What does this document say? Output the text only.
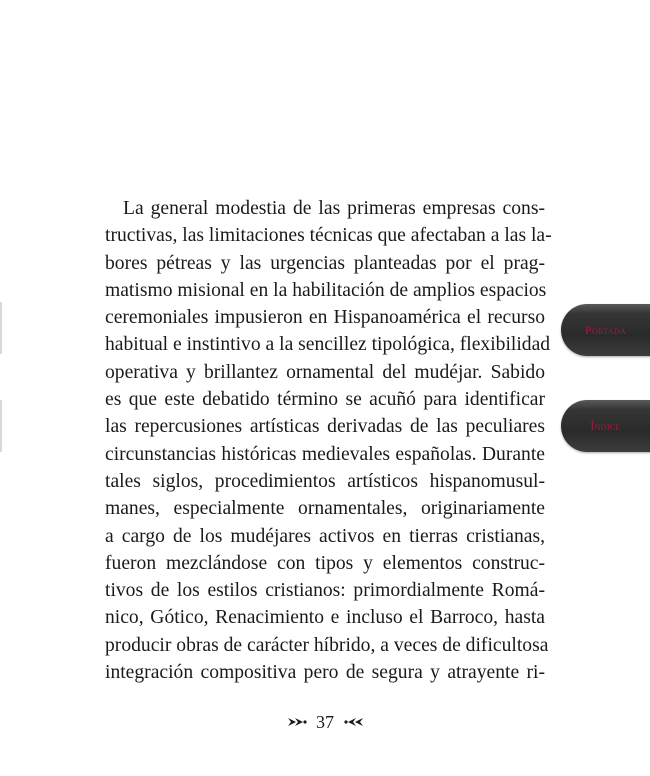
La general modestia de las primeras empresas cons-
tructivas, las limitaciones técnicas que afectaban a las la-
bores pétreas y las urgencias planteadas por el prag-
matismo misional en la habilitación de amplios espacios
ceremoniales impusieron en Hispanoamérica el recurso
habitual e instintivo a la sencillez tipológica, flexibilidad
operativa y brillantez ornamental del mudéjar. Sabido
es que este debatido término se acuñó para identificar
las repercusiones artísticas derivadas de las peculiares
circunstancias históricas medievales españolas. Durante
tales siglos, procedimientos artísticos hispanomusul-
manes, especialmente ornamentales, originariamente
a cargo de los mudéjares activos en tierras cristianas,
fueron mezclándose con tipos y elementos construc-
tivos de los estilos cristianos: primordialmente Romá-
nico, Gótico, Renacimiento e incluso el Barroco, hasta
producir obras de carácter híbrido, a veces de dificultosa
integración compositiva pero de segura y atrayente ri-
37
Portada
Índice
